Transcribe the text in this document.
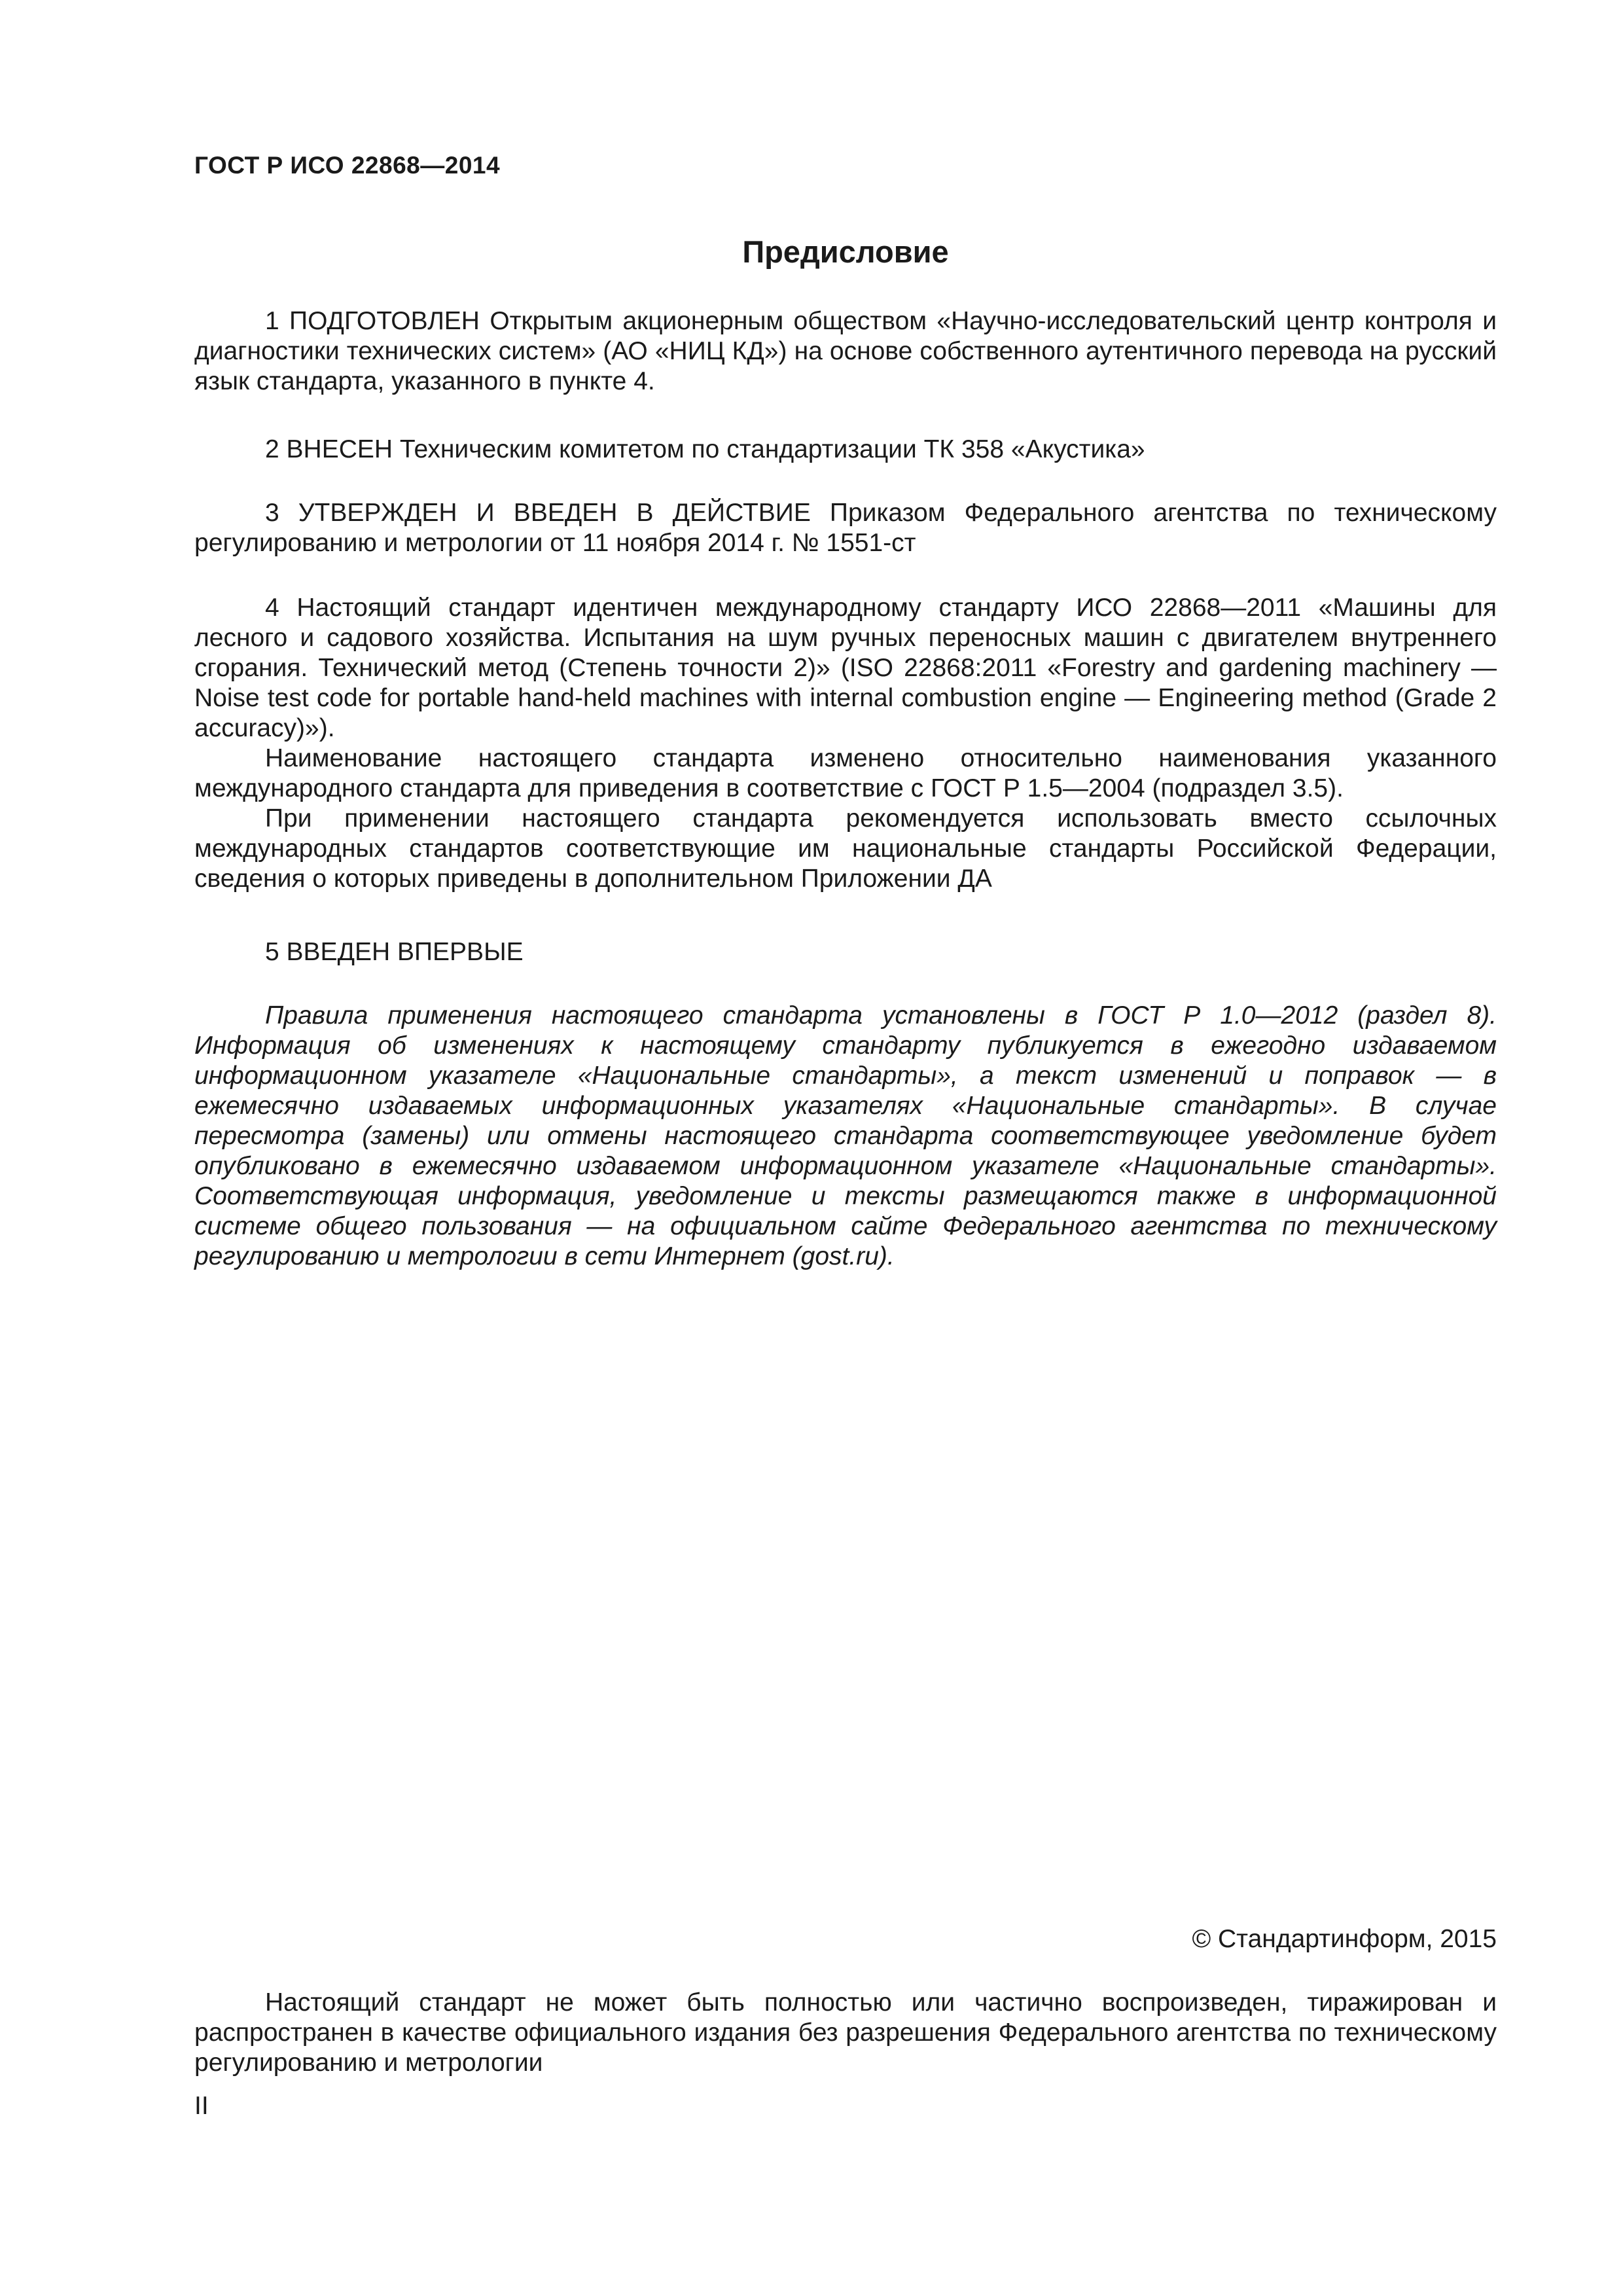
ГОСТ Р ИСО 22868—2014
Предисловие

1 ПОДГОТОВЛЕН Открытым акционерным обществом «Научно-исследовательский центр контроля и диагностики технических систем» (АО «НИЦ КД») на основе собственного аутентичного перевода на русский язык стандарта, указанного в пункте 4.

2 ВНЕСЕН Техническим комитетом по стандартизации ТК 358 «Акустика»

3 УТВЕРЖДЕН И ВВЕДЕН В ДЕЙСТВИЕ Приказом Федерального агентства по техническому регулированию и метрологии от 11 ноября 2014 г. № 1551-ст

4 Настоящий стандарт идентичен международному стандарту ИСО 22868—2011 «Машины для лесного и садового хозяйства. Испытания на шум ручных переносных машин с двигателем внутреннего сгорания. Технический метод (Степень точности 2)» (ISO 22868:2011 «Forestry and gardening machinery — Noise test code for portable hand-held machines with internal combustion engine — Engineering method (Grade 2 accuracy)»).

Наименование настоящего стандарта изменено относительно наименования указанного международного стандарта для приведения в соответствие с ГОСТ Р 1.5—2004 (подраздел 3.5).

При применении настоящего стандарта рекомендуется использовать вместо ссылочных международных стандартов соответствующие им национальные стандарты Российской Федерации, сведения о которых приведены в дополнительном Приложении ДА

5 ВВЕДЕН ВПЕРВЫЕ

Правила применения настоящего стандарта установлены в ГОСТ Р 1.0—2012 (раздел 8). Информация об изменениях к настоящему стандарту публикуется в ежегодно издаваемом информационном указателе «Национальные стандарты», а текст изменений и поправок — в ежемесячно издаваемых информационных указателях «Национальные стандарты». В случае пересмотра (замены) или отмены настоящего стандарта соответствующее уведомление будет опубликовано в ежемесячно издаваемом информационном указателе «Национальные стандарты». Соответствующая информация, уведомление и тексты размещаются также в информационной системе общего пользования — на официальном сайте Федерального агентства по техническому регулированию и метрологии в сети Интернет (gost.ru).

© Стандартинформ, 2015

Настоящий стандарт не может быть полностью или частично воспроизведен, тиражирован и распространен в качестве официального издания без разрешения Федерального агентства по техническому регулированию и метрологии

II
